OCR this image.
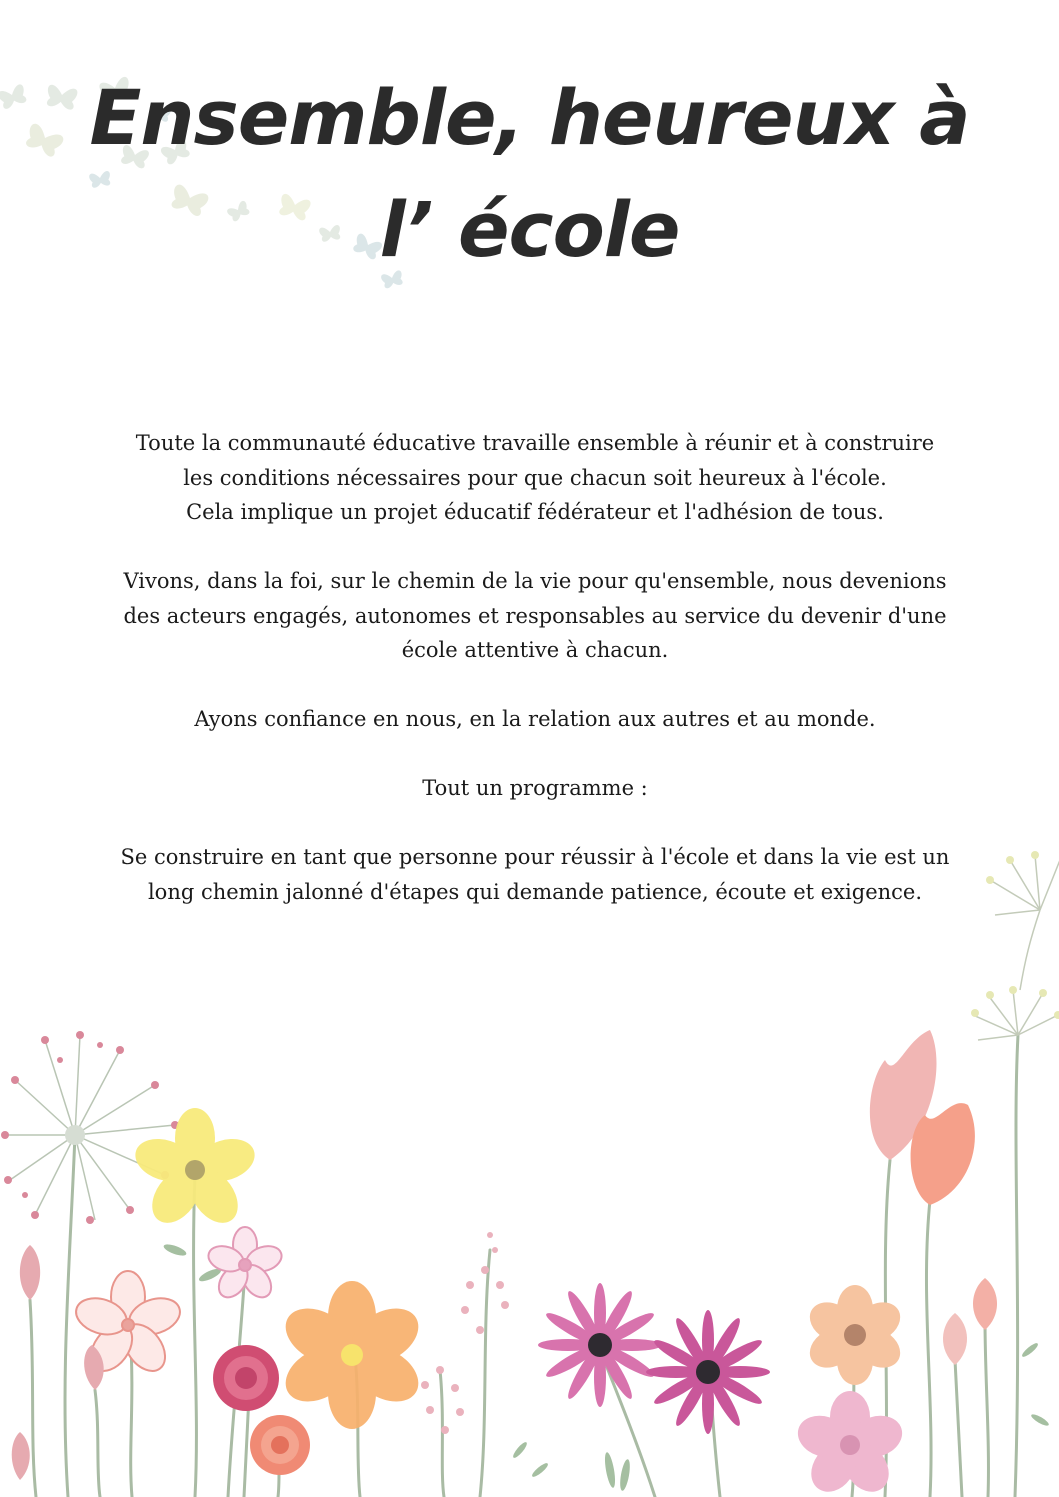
Ensemble, heureux à
l’ école

Toute la communauté éducative travaille ensemble à réunir et à construire
les conditions nécessaires pour que chacun soit heureux à l'école.
Cela implique un projet éducatif fédérateur et l'adhésion de tous.

Vivons, dans la foi, sur le chemin de la vie pour qu'ensemble, nous devenions
des acteurs engagés, autonomes et responsables au service du devenir d'une
école attentive à chacun.

Ayons confiance en nous, en la relation aux autres et au monde.

Tout un programme :

Se construire en tant que personne pour réussir à l'école et dans la vie est un
long chemin jalonné d'étapes qui demande patience, écoute et exigence.
